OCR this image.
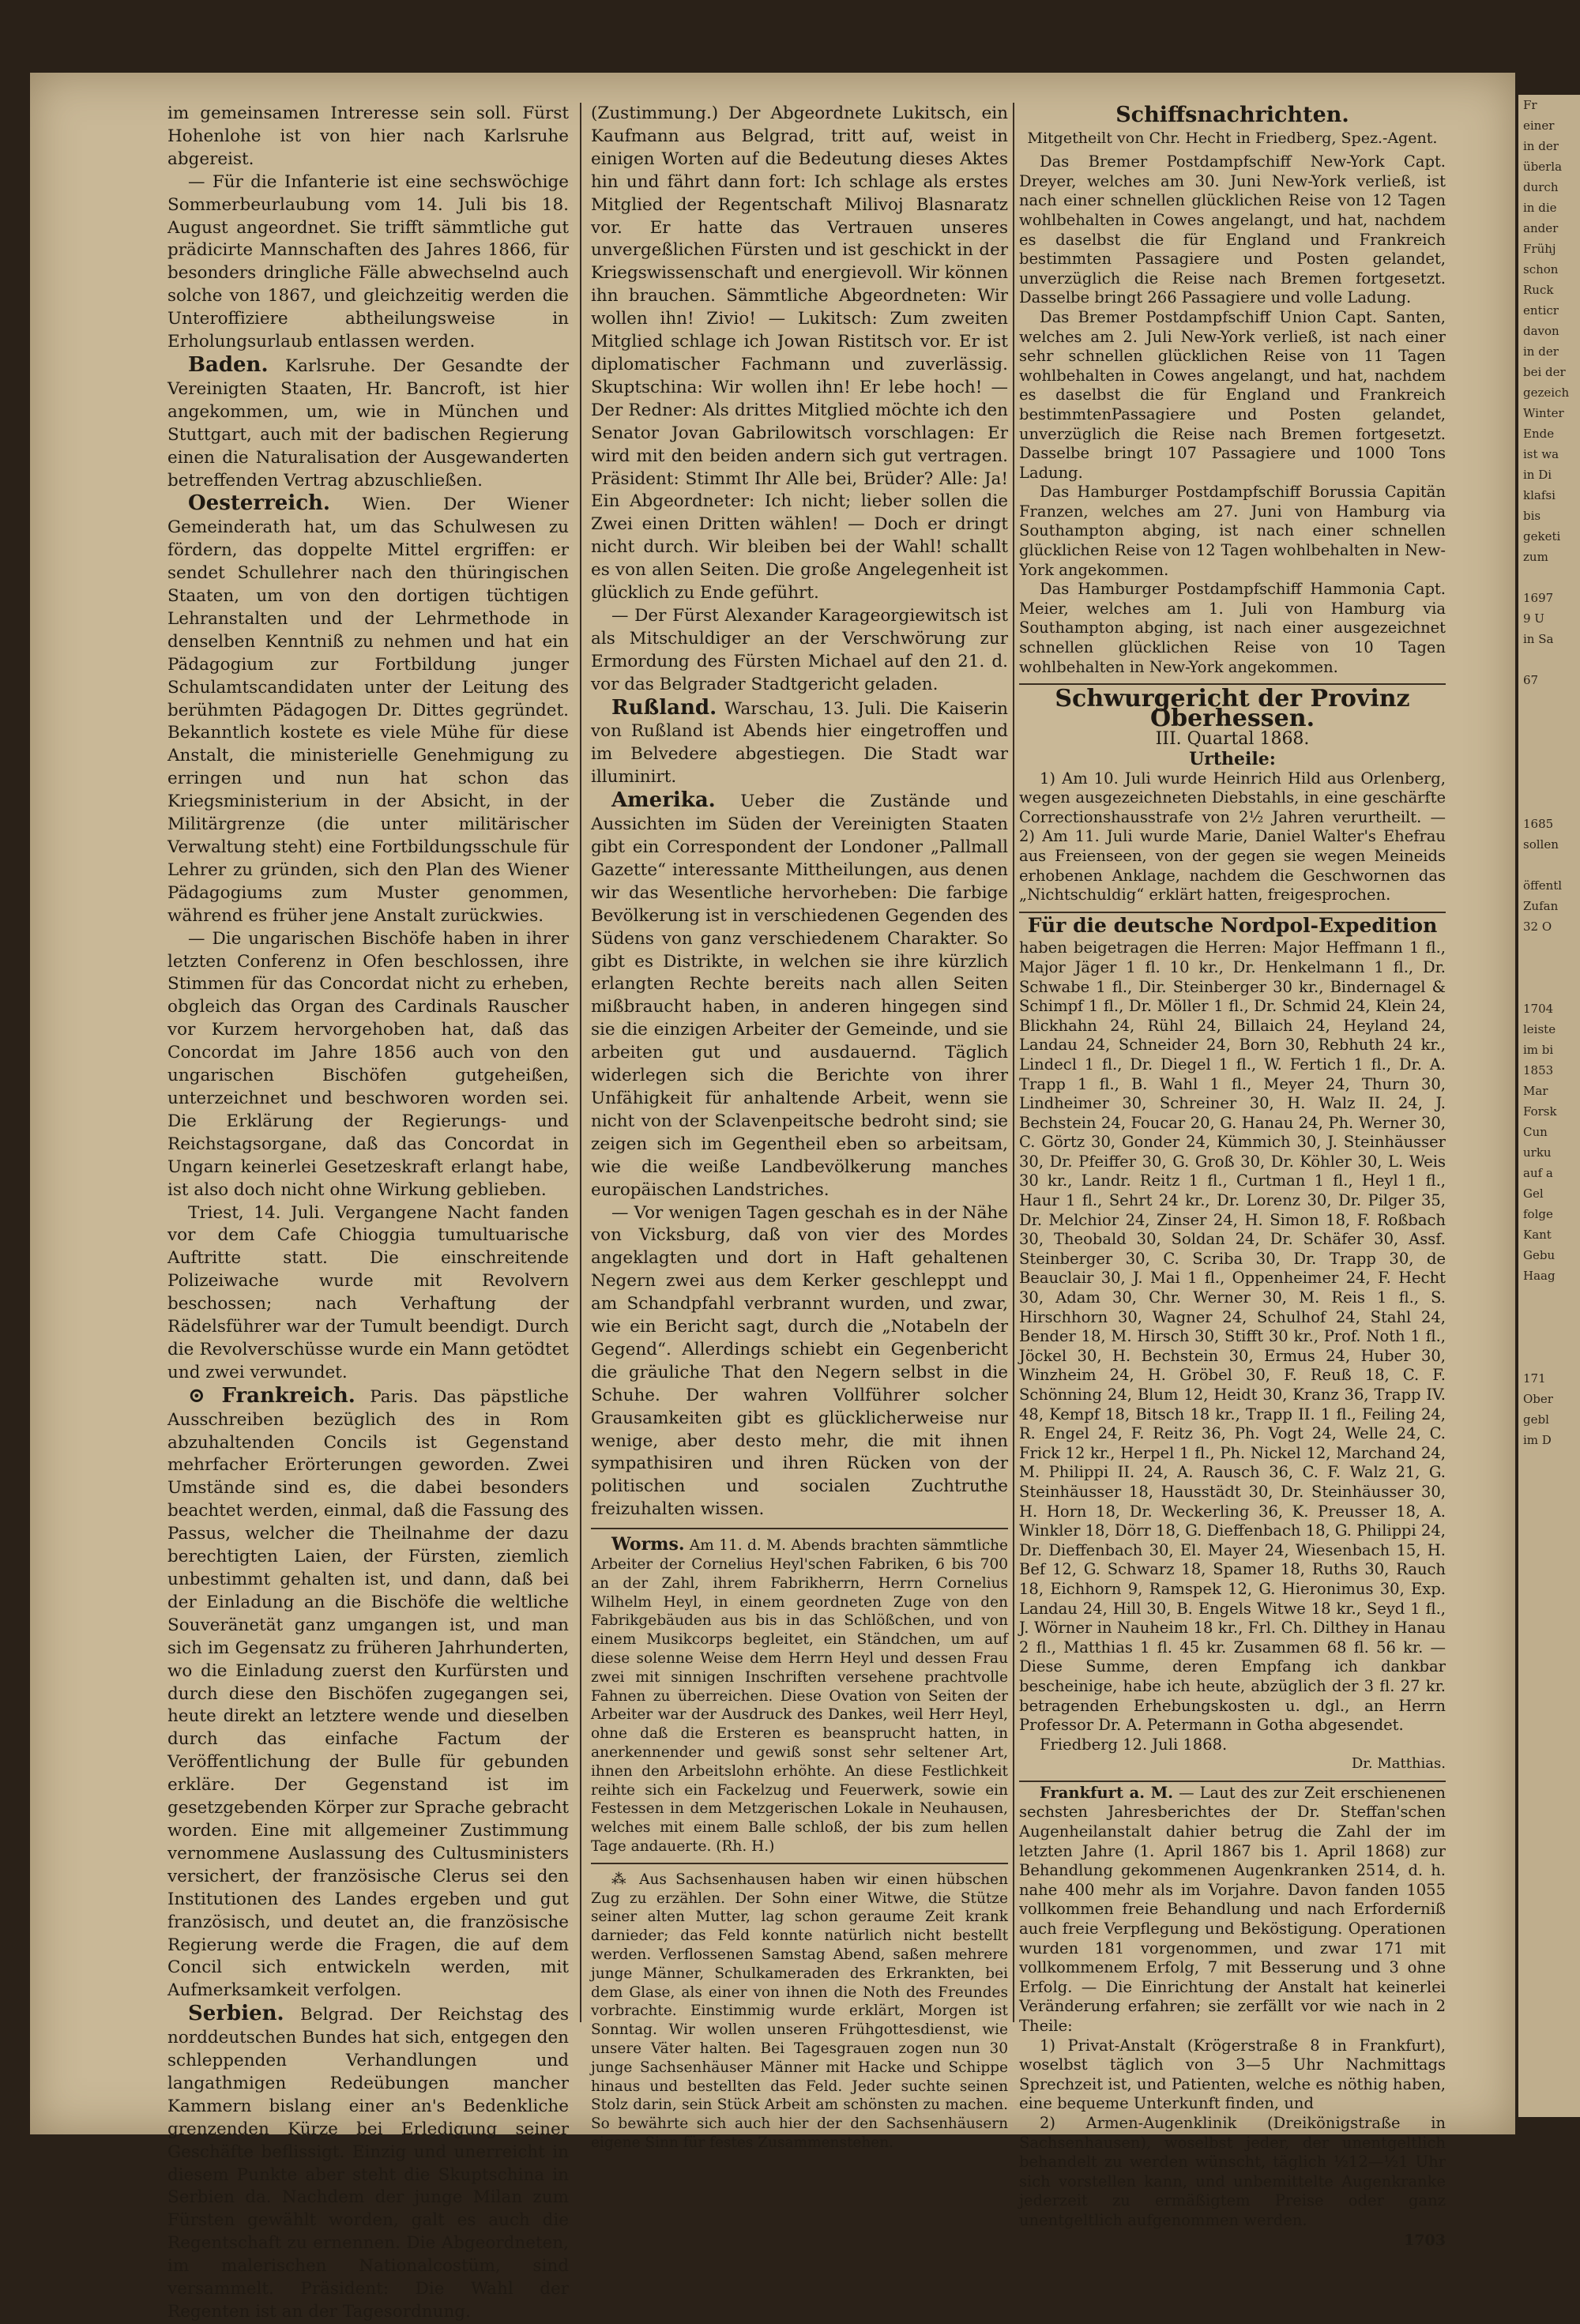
im gemeinsamen Intreresse sein soll. Fürst Hohenlohe ist von hier nach Karlsruhe abgereist.

— Für die Infanterie ist eine sechswöchige Sommerbeurlaubung vom 14. Juli bis 18. August angeordnet. Sie trifft sämmtliche gut prädicirte Mannschaften des Jahres 1866, für besonders dringliche Fälle abwechselnd auch solche von 1867, und gleichzeitig werden die Unteroffiziere abtheilungsweise in Erholungsurlaub entlassen werden.

Baden. Karlsruhe. Der Gesandte der Vereinigten Staaten, Hr. Bancroft, ist hier angekommen, um, wie in München und Stuttgart, auch mit der badischen Regierung einen die Naturalisation der Ausgewanderten betreffenden Vertrag abzuschließen.

Oesterreich. Wien. Der Wiener Gemeinderath hat, um das Schulwesen zu fördern, das doppelte Mittel ergriffen: er sendet Schullehrer nach den thüringischen Staaten, um von den dortigen tüchtigen Lehranstalten und der Lehrmethode in denselben Kenntniß zu nehmen und hat ein Pädagogium zur Fortbildung junger Schulamtscandidaten unter der Leitung des berühmten Pädagogen Dr. Dittes gegründet. Bekanntlich kostete es viele Mühe für diese Anstalt, die ministerielle Genehmigung zu erringen und nun hat schon das Kriegsministerium in der Absicht, in der Militärgrenze (die unter militärischer Verwaltung steht) eine Fortbildungsschule für Lehrer zu gründen, sich den Plan des Wiener Pädagogiums zum Muster genommen, während es früher jene Anstalt zurückwies.

— Die ungarischen Bischöfe haben in ihrer letzten Conferenz in Ofen beschlossen, ihre Stimmen für das Concordat nicht zu erheben, obgleich das Organ des Cardinals Rauscher vor Kurzem hervorgehoben hat, daß das Concordat im Jahre 1856 auch von den ungarischen Bischöfen gutgeheißen, unterzeichnet und beschworen worden sei. Die Erklärung der Regierungs- und Reichstagsorgane, daß das Concordat in Ungarn keinerlei Gesetzeskraft erlangt habe, ist also doch nicht ohne Wirkung geblieben.

Triest, 14. Juli. Vergangene Nacht fanden vor dem Cafe Chioggia tumultuarische Auftritte statt. Die einschreitende Polizeiwache wurde mit Revolvern beschossen; nach Verhaftung der Rädelsführer war der Tumult beendigt. Durch die Revolverschüsse wurde ein Mann getödtet und zwei verwundet.

⊙ Frankreich. Paris. Das päpstliche Ausschreiben bezüglich des in Rom abzuhaltenden Concils ist Gegenstand mehrfacher Erörterungen geworden. Zwei Umstände sind es, die dabei besonders beachtet werden, einmal, daß die Fassung des Passus, welcher die Theilnahme der dazu berechtigten Laien, der Fürsten, ziemlich unbestimmt gehalten ist, und dann, daß bei der Einladung an die Bischöfe die weltliche Souveränetät ganz umgangen ist, und man sich im Gegensatz zu früheren Jahrhunderten, wo die Einladung zuerst den Kurfürsten und durch diese den Bischöfen zugegangen sei, heute direkt an letztere wende und dieselben durch das einfache Factum der Veröffentlichung der Bulle für gebunden erkläre. Der Gegenstand ist im gesetzgebenden Körper zur Sprache gebracht worden. Eine mit allgemeiner Zustimmung vernommene Auslassung des Cultusministers versichert, der französische Clerus sei den Institutionen des Landes ergeben und gut französisch, und deutet an, die französische Regierung werde die Fragen, die auf dem Concil sich entwickeln werden, mit Aufmerksamkeit verfolgen.

Serbien. Belgrad. Der Reichstag des norddeutschen Bundes hat sich, entgegen den schleppenden Verhandlungen und langathmigen Redeübungen mancher Kammern bislang einer an's Bedenkliche grenzenden Kürze bei Erledigung seiner Geschäfte beflissigt. Einzig und unerreicht in diesem Punkte aber steht die Skuptschina in Serbien da. Nachdem der junge Milan zum Fürsten gewählt worden, galt es auch die Regentschaft zu ernennen. Die Abgeordneten, im malerischen Nationalcostüm, sind versammelt. Präsident: Die Wahl der Regenten ist an der Tagesordnung.

(Zustimmung.) Der Abgeordnete Lukitsch, ein Kaufmann aus Belgrad, tritt auf, weist in einigen Worten auf die Bedeutung dieses Aktes hin und fährt dann fort: Ich schlage als erstes Mitglied der Regentschaft Milivoj Blasnaratz vor. Er hatte das Vertrauen unseres unvergeßlichen Fürsten und ist geschickt in der Kriegswissenschaft und energievoll. Wir können ihn brauchen. Sämmtliche Abgeordneten: Wir wollen ihn! Zivio! — Lukitsch: Zum zweiten Mitglied schlage ich Jowan Ristitsch vor. Er ist diplomatischer Fachmann und zuverlässig. Skuptschina: Wir wollen ihn! Er lebe hoch! — Der Redner: Als drittes Mitglied möchte ich den Senator Jovan Gabrilowitsch vorschlagen: Er wird mit den beiden andern sich gut vertragen. Präsident: Stimmt Ihr Alle bei, Brüder? Alle: Ja! Ein Abgeordneter: Ich nicht; lieber sollen die Zwei einen Dritten wählen! — Doch er dringt nicht durch. Wir bleiben bei der Wahl! schallt es von allen Seiten. Die große Angelegenheit ist glücklich zu Ende geführt.

— Der Fürst Alexander Karageorgiewitsch ist als Mitschuldiger an der Verschwörung zur Ermordung des Fürsten Michael auf den 21. d. vor das Belgrader Stadtgericht geladen.

Rußland. Warschau, 13. Juli. Die Kaiserin von Rußland ist Abends hier eingetroffen und im Belvedere abgestiegen. Die Stadt war illuminirt.

Amerika. Ueber die Zustände und Aussichten im Süden der Vereinigten Staaten gibt ein Correspondent der Londoner „Pallmall Gazette“ interessante Mittheilungen, aus denen wir das Wesentliche hervorheben: Die farbige Bevölkerung ist in verschiedenen Gegenden des Südens von ganz verschiedenem Charakter. So gibt es Distrikte, in welchen sie ihre kürzlich erlangten Rechte bereits nach allen Seiten mißbraucht haben, in anderen hingegen sind sie die einzigen Arbeiter der Gemeinde, und sie arbeiten gut und ausdauernd. Täglich widerlegen sich die Berichte von ihrer Unfähigkeit für anhaltende Arbeit, wenn sie nicht von der Sclavenpeitsche bedroht sind; sie zeigen sich im Gegentheil eben so arbeitsam, wie die weiße Landbevölkerung manches europäischen Landstriches.

— Vor wenigen Tagen geschah es in der Nähe von Vicksburg, daß von vier des Mordes angeklagten und dort in Haft gehaltenen Negern zwei aus dem Kerker geschleppt und am Schandpfahl verbrannt wurden, und zwar, wie ein Bericht sagt, durch die „Notabeln der Gegend“. Allerdings schiebt ein Gegenbericht die gräuliche That den Negern selbst in die Schuhe. Der wahren Vollführer solcher Grausamkeiten gibt es glücklicherweise nur wenige, aber desto mehr, die mit ihnen sympathisiren und ihren Rücken von der politischen und socialen Zuchtruthe freizuhalten wissen.

Worms. Am 11. d. M. Abends brachten sämmtliche Arbeiter der Cornelius Heyl'schen Fabriken, 6 bis 700 an der Zahl, ihrem Fabrikherrn, Herrn Cornelius Wilhelm Heyl, in einem geordneten Zuge von den Fabrikgebäuden aus bis in das Schlößchen, und von einem Musikcorps begleitet, ein Ständchen, um auf diese solenne Weise dem Herrn Heyl und dessen Frau zwei mit sinnigen Inschriften versehene prachtvolle Fahnen zu überreichen. Diese Ovation von Seiten der Arbeiter war der Ausdruck des Dankes, weil Herr Heyl, ohne daß die Ersteren es beansprucht hatten, in anerkennender und gewiß sonst sehr seltener Art, ihnen den Arbeitslohn erhöhte. An diese Festlichkeit reihte sich ein Fackelzug und Feuerwerk, sowie ein Festessen in dem Metzgerischen Lokale in Neuhausen, welches mit einem Balle schloß, der bis zum hellen Tage andauerte. (Rh. H.)

⁂ Aus Sachsenhausen haben wir einen hübschen Zug zu erzählen. Der Sohn einer Witwe, die Stütze seiner alten Mutter, lag schon geraume Zeit krank darnieder; das Feld konnte natürlich nicht bestellt werden. Verflossenen Samstag Abend, saßen mehrere junge Männer, Schulkameraden des Erkrankten, bei dem Glase, als einer von ihnen die Noth des Freundes vorbrachte. Einstimmig wurde erklärt, Morgen ist Sonntag. Wir wollen unseren Frühgottesdienst, wie unsere Väter halten. Bei Tagesgrauen zogen nun 30 junge Sachsenhäuser Männer mit Hacke und Schippe hinaus und bestellten das Feld. Jeder suchte seinen Stolz darin, sein Stück Arbeit am schönsten zu machen. So bewährte sich auch hier der den Sachsenhäusern eigene Sinn für festes Zusammenstehen.

Schiffsnachrichten.
Mitgetheilt von Chr. Hecht in Friedberg, Spez.-Agent.

Das Bremer Postdampfschiff New-York Capt. Dreyer, welches am 30. Juni New-York verließ, ist nach einer schnellen glücklichen Reise von 12 Tagen wohlbehalten in Cowes angelangt, und hat, nachdem es daselbst die für England und Frankreich bestimmten Passagiere und Posten gelandet, unverzüglich die Reise nach Bremen fortgesetzt. Dasselbe bringt 266 Passagiere und volle Ladung.

Das Bremer Postdampfschiff Union Capt. Santen, welches am 2. Juli New-York verließ, ist nach einer sehr schnellen glücklichen Reise von 11 Tagen wohlbehalten in Cowes angelangt, und hat, nachdem es daselbst die für England und Frankreich bestimmtenPassagiere und Posten gelandet, unverzüglich die Reise nach Bremen fortgesetzt. Dasselbe bringt 107 Passagiere und 1000 Tons Ladung.

Das Hamburger Postdampfschiff Borussia Capitän Franzen, welches am 27. Juni von Hamburg via Southampton abging, ist nach einer schnellen glücklichen Reise von 12 Tagen wohlbehalten in New-York angekommen.

Das Hamburger Postdampfschiff Hammonia Capt. Meier, welches am 1. Juli von Hamburg via Southampton abging, ist nach einer ausgezeichnet schnellen glücklichen Reise von 10 Tagen wohlbehalten in New-York angekommen.

Schwurgericht der Provinz Oberhessen.
III. Quartal 1868.
Urtheile:

1) Am 10. Juli wurde Heinrich Hild aus Orlenberg, wegen ausgezeichneten Diebstahls, in eine geschärfte Correctionshausstrafe von 2½ Jahren verurtheilt. — 2) Am 11. Juli wurde Marie, Daniel Walter's Ehefrau aus Freienseen, von der gegen sie wegen Meineids erhobenen Anklage, nachdem die Geschwornen das „Nichtschuldig“ erklärt hatten, freigesprochen.

Für die deutsche Nordpol-Expedition

haben beigetragen die Herren: Major Heffmann 1 fl., Major Jäger 1 fl. 10 kr., Dr. Henkelmann 1 fl., Dr. Schwabe 1 fl., Dir. Steinberger 30 kr., Bindernagel & Schimpf 1 fl., Dr. Möller 1 fl., Dr. Schmid 24, Klein 24, Blickhahn 24, Rühl 24, Billaich 24, Heyland 24, Landau 24, Schneider 24, Born 30, Rebhuth 24 kr., Lindecl 1 fl., Dr. Diegel 1 fl., W. Fertich 1 fl., Dr. A. Trapp 1 fl., B. Wahl 1 fl., Meyer 24, Thurn 30, Lindheimer 30, Schreiner 30, H. Walz II. 24, J. Bechstein 24, Foucar 20, G. Hanau 24, Ph. Werner 30, C. Görtz 30, Gonder 24, Kümmich 30, J. Steinhäusser 30, Dr. Pfeiffer 30, G. Groß 30, Dr. Köhler 30, L. Weis 30 kr., Landr. Reitz 1 fl., Curtman 1 fl., Heyl 1 fl., Haur 1 fl., Sehrt 24 kr., Dr. Lorenz 30, Dr. Pilger 35, Dr. Melchior 24, Zinser 24, H. Simon 18, F. Roßbach 30, Theobald 30, Soldan 24, Dr. Schäfer 30, Assf. Steinberger 30, C. Scriba 30, Dr. Trapp 30, de Beauclair 30, J. Mai 1 fl., Oppenheimer 24, F. Hecht 30, Adam 30, Chr. Werner 30, M. Reis 1 fl., S. Hirschhorn 30, Wagner 24, Schulhof 24, Stahl 24, Bender 18, M. Hirsch 30, Stifft 30 kr., Prof. Noth 1 fl., Jöckel 30, H. Bechstein 30, Ermus 24, Huber 30, Winzheim 24, H. Gröbel 30, F. Reuß 18, C. F. Schönning 24, Blum 12, Heidt 30, Kranz 36, Trapp IV. 48, Kempf 18, Bitsch 18 kr., Trapp II. 1 fl., Feiling 24, R. Engel 24, F. Reitz 36, Ph. Vogt 24, Welle 24, C. Frick 12 kr., Herpel 1 fl., Ph. Nickel 12, Marchand 24, M. Philippi II. 24, A. Rausch 36, C. F. Walz 21, G. Steinhäusser 18, Hausstädt 30, Dr. Steinhäusser 30, H. Horn 18, Dr. Weckerling 36, K. Preusser 18, A. Winkler 18, Dörr 18, G. Dieffenbach 18, G. Philippi 24, Dr. Dieffenbach 30, El. Mayer 24, Wiesenbach 15, H. Bef 12, G. Schwarz 18, Spamer 18, Ruths 30, Rauch 18, Eichhorn 9, Ramspek 12, G. Hieronimus 30, Exp. Landau 24, Hill 30, B. Engels Witwe 18 kr., Seyd 1 fl., J. Wörner in Nauheim 18 kr., Frl. Ch. Dilthey in Hanau 2 fl., Matthias 1 fl. 45 kr. Zusammen 68 fl. 56 kr. — Diese Summe, deren Empfang ich dankbar bescheinige, habe ich heute, abzüglich der 3 fl. 27 kr. betragenden Erhebungskosten u. dgl., an Herrn Professor Dr. A. Petermann in Gotha abgesendet.

Friedberg 12. Juli 1868.

Dr. Matthias.

Frankfurt a. M. — Laut des zur Zeit erschienenen sechsten Jahresberichtes der Dr. Steffan'schen Augenheilanstalt dahier betrug die Zahl der im letzten Jahre (1. April 1867 bis 1. April 1868) zur Behandlung gekommenen Augenkranken 2514, d. h. nahe 400 mehr als im Vorjahre. Davon fanden 1055 vollkommen freie Behandlung und nach Erforderniß auch freie Verpflegung und Beköstigung. Operationen wurden 181 vorgenommen, und zwar 171 mit vollkommenem Erfolg, 7 mit Besserung und 3 ohne Erfolg. — Die Einrichtung der Anstalt hat keinerlei Veränderung erfahren; sie zerfällt vor wie nach in 2 Theile:

1) Privat-Anstalt (Krögerstraße 8 in Frankfurt), woselbst täglich von 3—5 Uhr Nachmittags Sprechzeit ist, und Patienten, welche es nöthig haben, eine bequeme Unterkunft finden, und

2) Armen-Augenklinik (Dreikönigstraße in Sachsenhausen), woselbst jeder, der unentgeltlich behandelt zu werden wünscht, täglich ½12—½1 Uhr sich vorstellen kann, und unbemittelte Augenkranke jederzeit zu ermäßigtem Preise oder ganz unentgeltlich aufgenommen werden.

1703
Fr
einer
in der
überla
durch
in die
ander
Frühj
schon
Ruck
enticr
davon
in der
bei der
gezeich
Winter
Ende
ist wa
in Di
klafsi
bis
geketi
zum

1697
9 U
in Sa

67

1685
sollen

öffentl
Zufan
32 O

1704
leiste
im bi
1853
Mar
Forsk
Cun
urku
auf a
Gel
folge
Kant
Gebu
Haag

171
Ober
gebl
im D
